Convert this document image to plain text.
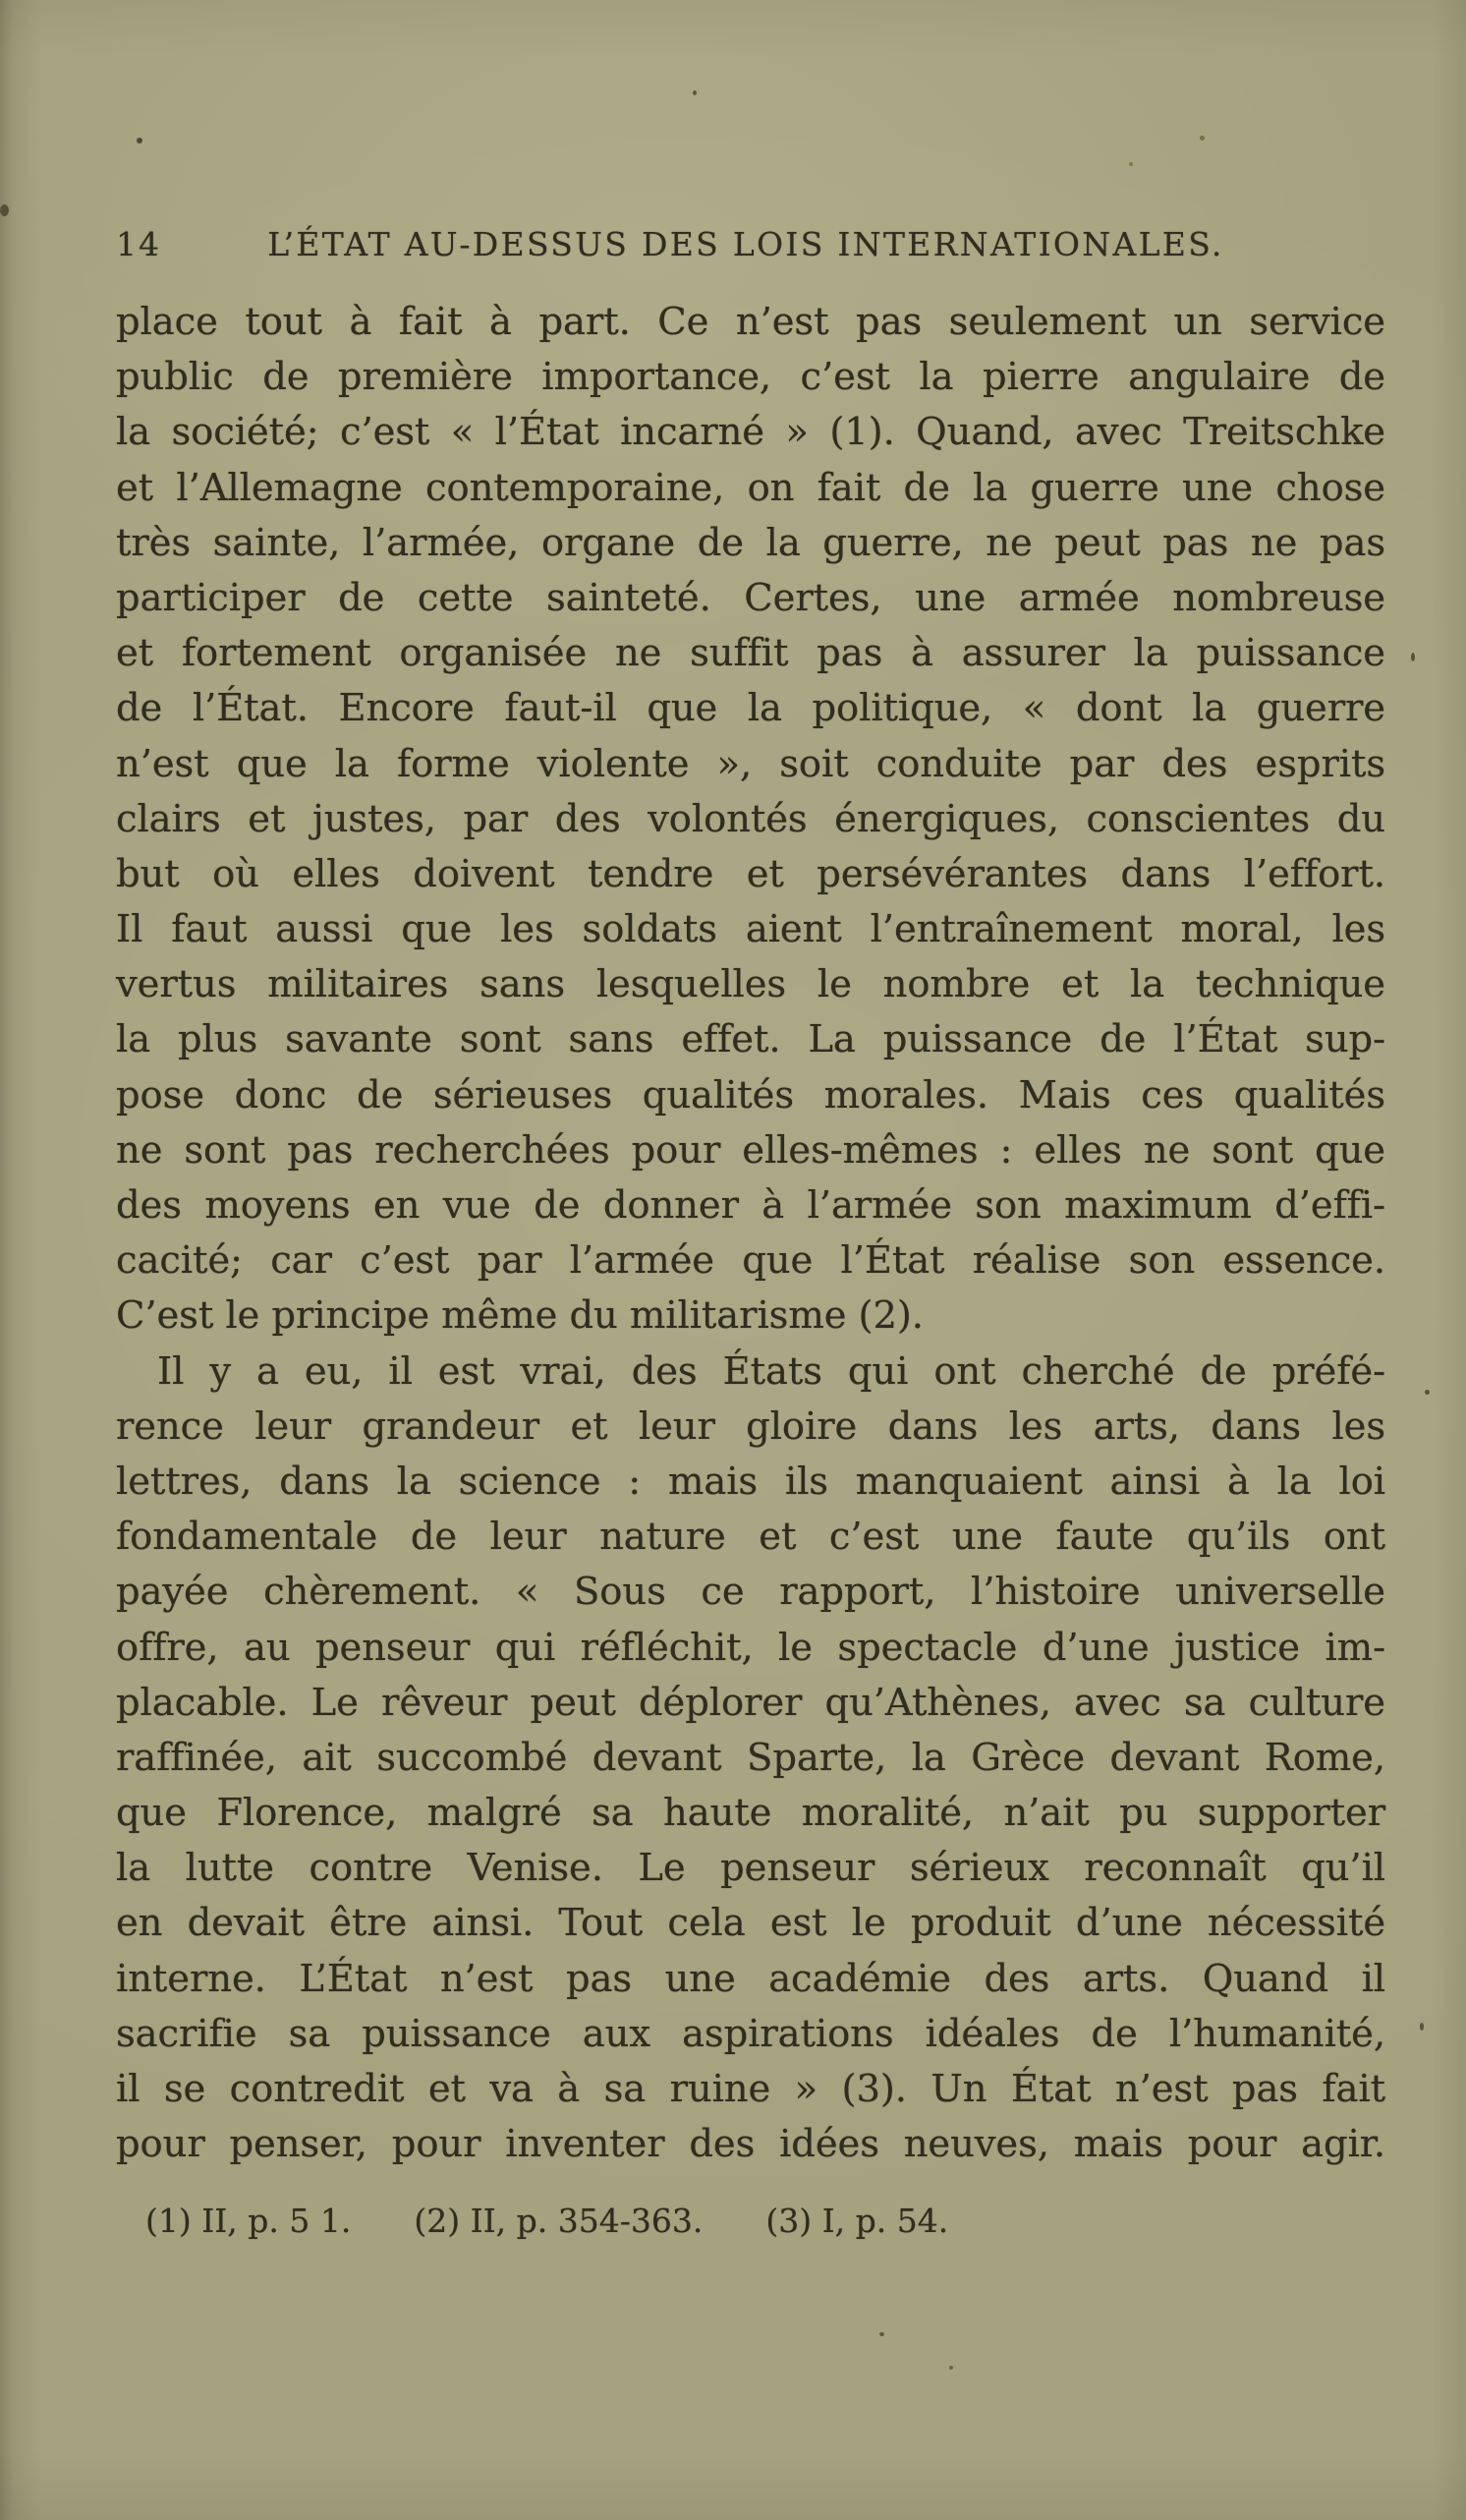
14	L’ÉTAT AU-DESSUS DES LOIS INTERNATIONALES.
place tout à fait à part. Ce n’est pas seulement un service
public de première importance, c’est la pierre angulaire de
la société; c’est « l’État incarné » (1). Quand, avec Treitschke
et l’Allemagne contemporaine, on fait de la guerre une chose
très sainte, l’armée, organe de la guerre, ne peut pas ne pas
participer de cette sainteté. Certes, une armée nombreuse
et fortement organisée ne suffit pas à assurer la puissance
de l’État. Encore faut-il que la politique, « dont la guerre
n’est que la forme violente », soit conduite par des esprits
clairs et justes, par des volontés énergiques, conscientes du
but où elles doivent tendre et persévérantes dans l’effort.
Il faut aussi que les soldats aient l’entraînement moral, les
vertus militaires sans lesquelles le nombre et la technique
la plus savante sont sans effet. La puissance de l’État sup-
pose donc de sérieuses qualités morales. Mais ces qualités
ne sont pas recherchées pour elles-mêmes : elles ne sont que
des moyens en vue de donner à l’armée son maximum d’effi-
cacité; car c’est par l’armée que l’État réalise son essence.
C’est le principe même du militarisme (2).
Il y a eu, il est vrai, des États qui ont cherché de préfé-
rence leur grandeur et leur gloire dans les arts, dans les
lettres, dans la science : mais ils manquaient ainsi à la loi
fondamentale de leur nature et c’est une faute qu’ils ont
payée chèrement. « Sous ce rapport, l’histoire universelle
offre, au penseur qui réfléchit, le spectacle d’une justice im-
placable. Le rêveur peut déplorer qu’Athènes, avec sa culture
raffinée, ait succombé devant Sparte, la Grèce devant Rome,
que Florence, malgré sa haute moralité, n’ait pu supporter
la lutte contre Venise. Le penseur sérieux reconnaît qu’il
en devait être ainsi. Tout cela est le produit d’une nécessité
interne. L’État n’est pas une académie des arts. Quand il
sacrifie sa puissance aux aspirations idéales de l’humanité,
il se contredit et va à sa ruine » (3). Un État n’est pas fait
pour penser, pour inventer des idées neuves, mais pour agir.
(1) II, p. 5 1. (2) II, p. 354-363. (3) I, p. 54.
